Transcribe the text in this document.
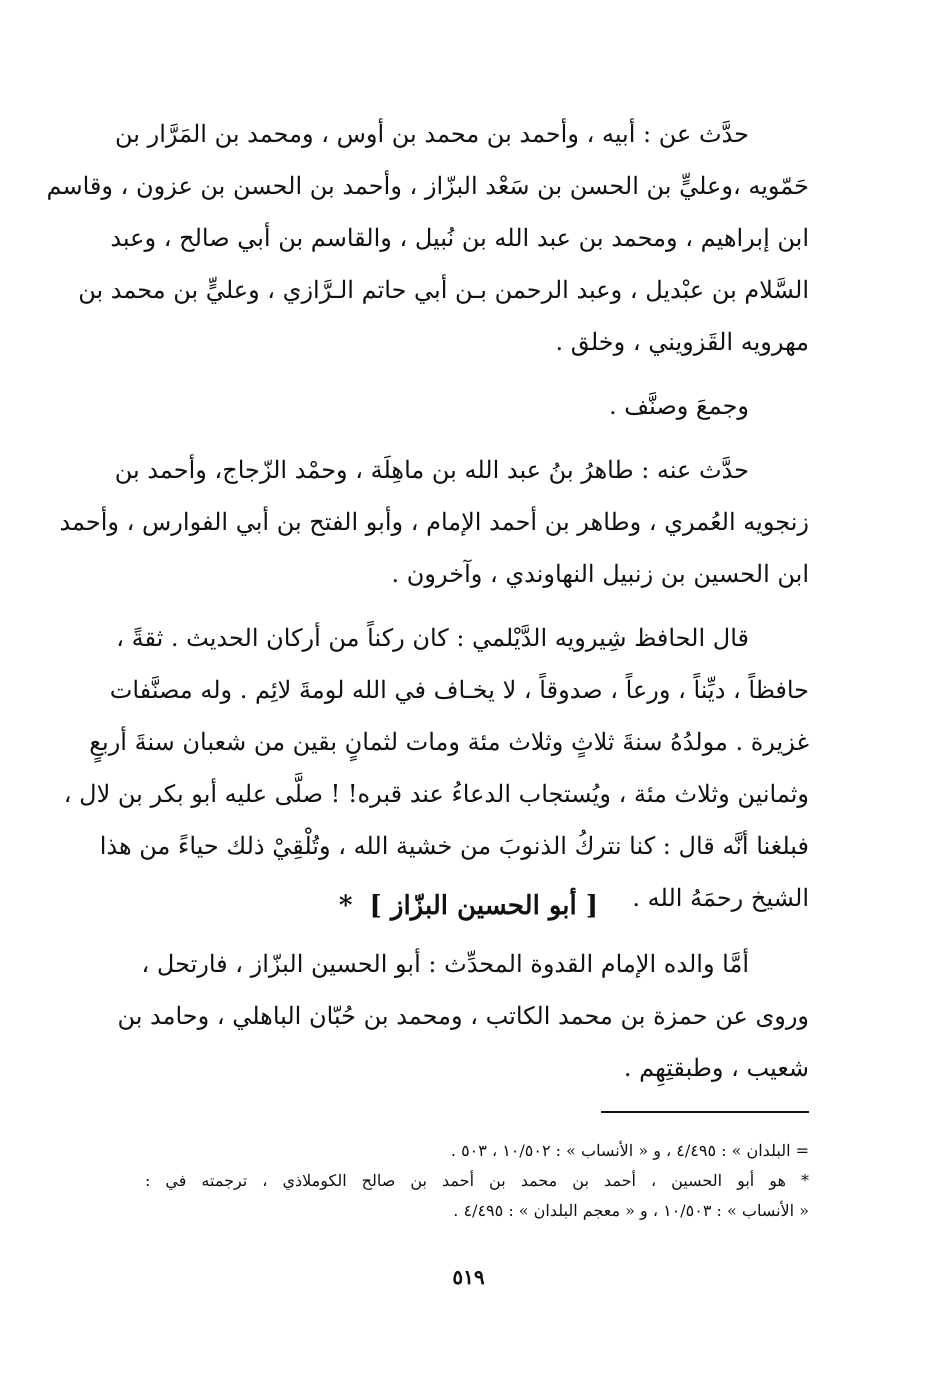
حدَّث عن : أبيه ، وأحمد بن محمد بن أوس ، ومحمد بن المَرَّار بن
حَمّويه ،وعليٍّ بن الحسن بن سَعْد البزّاز ، وأحمد بن الحسن بن عزون ، وقاسم
ابن إبراهيم ، ومحمد بن عبد الله بن نُبيل ، والقاسم بن أبي صالح ، وعبد
السَّلام بن عبْديل ، وعبد الرحمن بـن أبي حاتم الـرَّازي ، وعليٍّ بن محمد بن
مهرويه القَزويني ، وخلق .
وجمعَ وصنَّف .
حدَّث عنه : طاهرُ بنُ عبد الله بن ماهِلَة ، وحمْد الزّجاج، وأحمد بن
زنجويه العُمري ، وطاهر بن أحمد الإمام ، وأبو الفتح بن أبي الفوارس ، وأحمد
ابن الحسين بن زنبيل النهاوندي ، وآخرون .
قال الحافظ شِيرويه الدَّيْلمي : كان ركناً من أركان الحديث . ثقةً ،
حافظاً ، ديِّناً ، ورعاً ، صدوقاً ، لا يخـاف في الله لومةَ لائِم . وله مصنَّفات
غزيرة . مولدُهُ سنةَ ثلاثٍ وثلاث مئة ومات لثمانٍ بقين من شعبان سنةَ أربعٍ
وثمانين وثلاث مئة ، ويُستجاب الدعاءُ عند قبره! ! صلَّى عليه أبو بكر بن لال ،
فبلغنا أنَّه قال : كنا نتركُ الذنوبَ من خشية الله ، وتُلْقِيْ ذلك حياءً من هذا
الشيخ رحمَهُ الله .
[ أبو الحسين البزّاز ] *
أمَّا والده الإمام القدوة المحدِّث : أبو الحسين البزّاز ، فارتحل ،
وروى عن حمزة بن محمد الكاتب ، ومحمد بن حُبّان الباهلي ، وحامد بن
شعيب ، وطبقتِهِم .
= البلدان » : ٤/٤٩٥ ، و « الأنساب » : ١٠/٥٠٢ ، ٥٠٣ .
* هو أبو الحسين ، أحمد بن محمد بن أحمد بن صالح الكوملاذي ، ترجمته في :
« الأنساب » : ١٠/٥٠٣ ، و « معجم البلدان » : ٤/٤٩٥ .
٥١٩
